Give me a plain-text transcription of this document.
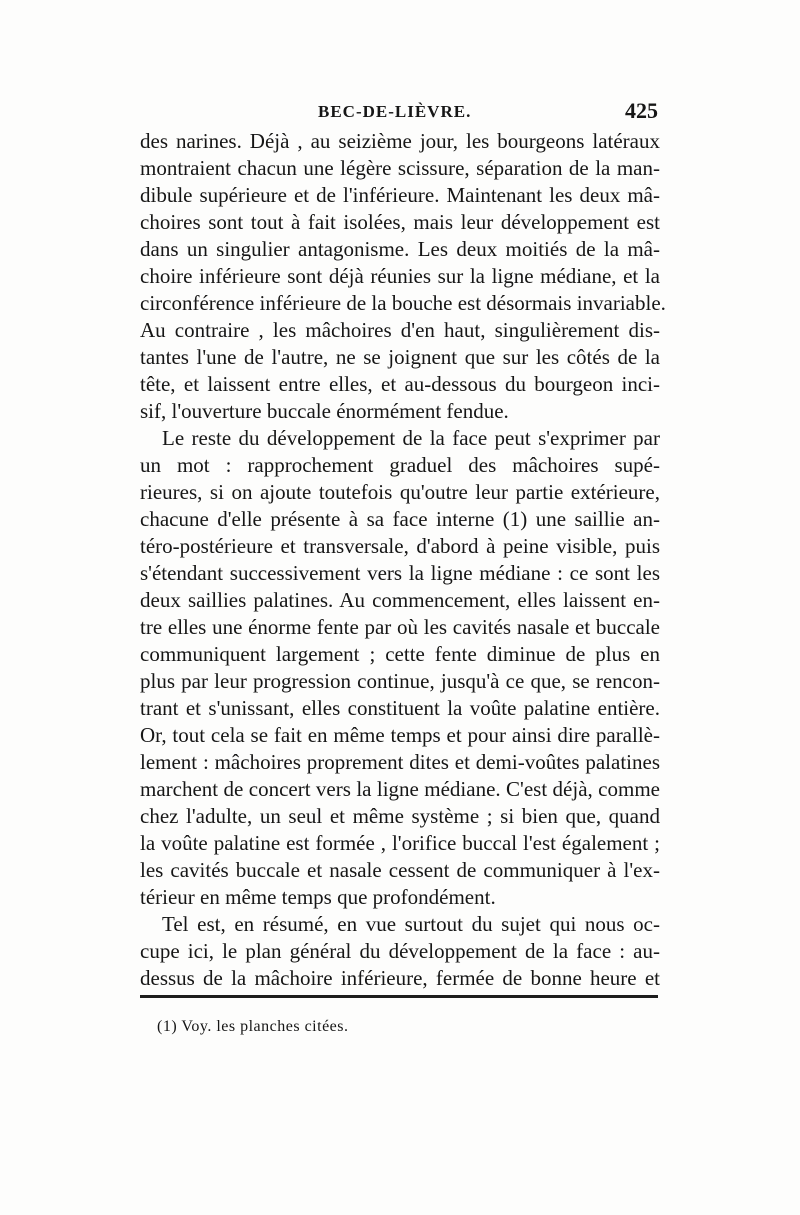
BEC-DE-LIÈVRE.	425
des narines. Déjà , au seizième jour, les bourgeons latéraux
montraient chacun une légère scissure, séparation de la man-
dibule supérieure et de l'inférieure. Maintenant les deux mâ-
choires sont tout à fait isolées, mais leur développement est
dans un singulier antagonisme. Les deux moitiés de la mâ-
choire inférieure sont déjà réunies sur la ligne médiane, et la
circonférence inférieure de la bouche est désormais invariable.
Au contraire , les mâchoires d'en haut, singulièrement dis-
tantes l'une de l'autre, ne se joignent que sur les côtés de la
tête, et laissent entre elles, et au-dessous du bourgeon inci-
sif, l'ouverture buccale énormément fendue.
Le reste du développement de la face peut s'exprimer par
un mot : rapprochement graduel des mâchoires supé-
rieures, si on ajoute toutefois qu'outre leur partie extérieure,
chacune d'elle présente à sa face interne (1) une saillie an-
téro-postérieure et transversale, d'abord à peine visible, puis
s'étendant successivement vers la ligne médiane : ce sont les
deux saillies palatines. Au commencement, elles laissent en-
tre elles une énorme fente par où les cavités nasale et buccale
communiquent largement ; cette fente diminue de plus en
plus par leur progression continue, jusqu'à ce que, se rencon-
trant et s'unissant, elles constituent la voûte palatine entière.
Or, tout cela se fait en même temps et pour ainsi dire parallè-
lement : mâchoires proprement dites et demi-voûtes palatines
marchent de concert vers la ligne médiane. C'est déjà, comme
chez l'adulte, un seul et même système ; si bien que, quand
la voûte palatine est formée , l'orifice buccal l'est également ;
les cavités buccale et nasale cessent de communiquer à l'ex-
térieur en même temps que profondément.
Tel est, en résumé, en vue surtout du sujet qui nous oc-
cupe ici, le plan général du développement de la face : au-
dessus de la mâchoire inférieure, fermée de bonne heure et
(1) Voy. les planches citées.
